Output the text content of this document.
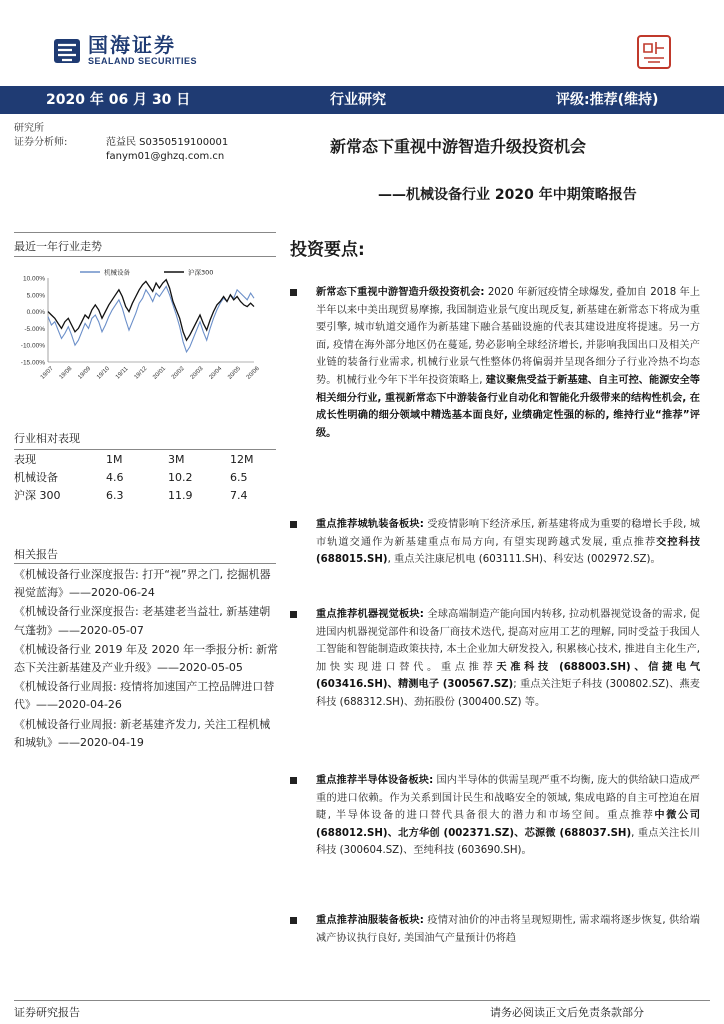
国海证券
SEALAND SECURITIES
2020 年 06 月 30 日	行业研究	评级:推荐(维持)
研究所
证券分析师:	范益民 S0350519100001
fanym01@ghzq.com.cn
新常态下重视中游智造升级投资机会
——机械设备行业 2020 年中期策略报告
最近一年行业走势
10.00%
5.00%
0.00%
-5.00%
-10.00%
-15.00%
19/07 19/08 19/09 19/10 19/11 19/12 20/01 20/02 20/03 20/04 20/05 20/06
机械设备	沪深300
行业相对表现
表现	1M	3M	12M
机械设备	4.6	10.2	6.5
沪深 300	6.3	11.9	7.4
相关报告
《机械设备行业深度报告: 打开“视”界之门, 挖掘机器视觉蓝海》——2020-06-24
《机械设备行业深度报告: 老基建老当益壮, 新基建朝气蓬勃》——2020-05-07
《机械设备行业 2019 年及 2020 年一季报分析: 新常态下关注新基建及产业升级》——2020-05-05
《机械设备行业周报: 疫情将加速国产工控品牌进口替代》——2020-04-26
《机械设备行业周报: 新老基建齐发力, 关注工程机械和城轨》——2020-04-19
投资要点:
新常态下重视中游智造升级投资机会: 2020 年新冠疫情全球爆发, 叠加自 2018 年上半年以来中美出现贸易摩擦, 我国制造业景气度出现反复, 新基建在新常态下将成为重要引擎, 城市轨道交通作为新基建下融合基础设施的代表其建设进度将提速。另一方面, 疫情在海外部分地区仍在蔓延, 势必影响全球经济增长, 并影响我国出口及相关产业链的装备行业需求, 机械行业景气性整体仍将偏弱并呈现各细分子行业冷热不均态势。机械行业今年下半年投资策略上, 建议聚焦受益于新基建、自主可控、能源安全等相关细分行业, 重视新常态下中游装备行业自动化和智能化升级带来的结构性机会, 在成长性明确的细分领域中精选基本面良好, 业绩确定性强的标的, 维持行业“推荐”评级。
重点推荐城轨装备板块: 受疫情影响下经济承压, 新基建将成为重要的稳增长手段, 城市轨道交通作为新基建重点布局方向, 有望实现跨越式发展, 重点推荐交控科技 (688015.SH), 重点关注康尼机电 (603111.SH)、科安达 (002972.SZ)。
重点推荐机器视觉板块: 全球高端制造产能向国内转移, 拉动机器视觉设备的需求, 促进国内机器视觉部件和设备厂商技术迭代, 提高对应用工艺的理解, 同时受益于我国人工智能和智能制造政策扶持, 本土企业加大研发投入, 积累核心技术, 推进自主化生产, 加快实现进口替代。重点推荐天准科技 (688003.SH)、信捷电气 (603416.SH)、精测电子 (300567.SZ); 重点关注矩子科技 (300802.SZ)、燕麦科技 (688312.SH)、劲拓股份 (300400.SZ) 等。
重点推荐半导体设备板块: 国内半导体的供需呈现严重不均衡, 庞大的供给缺口造成严重的进口依赖。作为关系到国计民生和战略安全的领域, 集成电路的自主可控迫在眉睫, 半导体设备的进口替代具备很大的潜力和市场空间。重点推荐中微公司 (688012.SH)、北方华创 (002371.SZ)、芯源微 (688037.SH), 重点关注长川科技 (300604.SZ)、至纯科技 (603690.SH)。
重点推荐油服装备板块: 疫情对油价的冲击将呈现短期性, 需求端将逐步恢复, 供给端减产协议执行良好, 美国油气产量预计仍将趋
证券研究报告	请务必阅读正文后免责条款部分
